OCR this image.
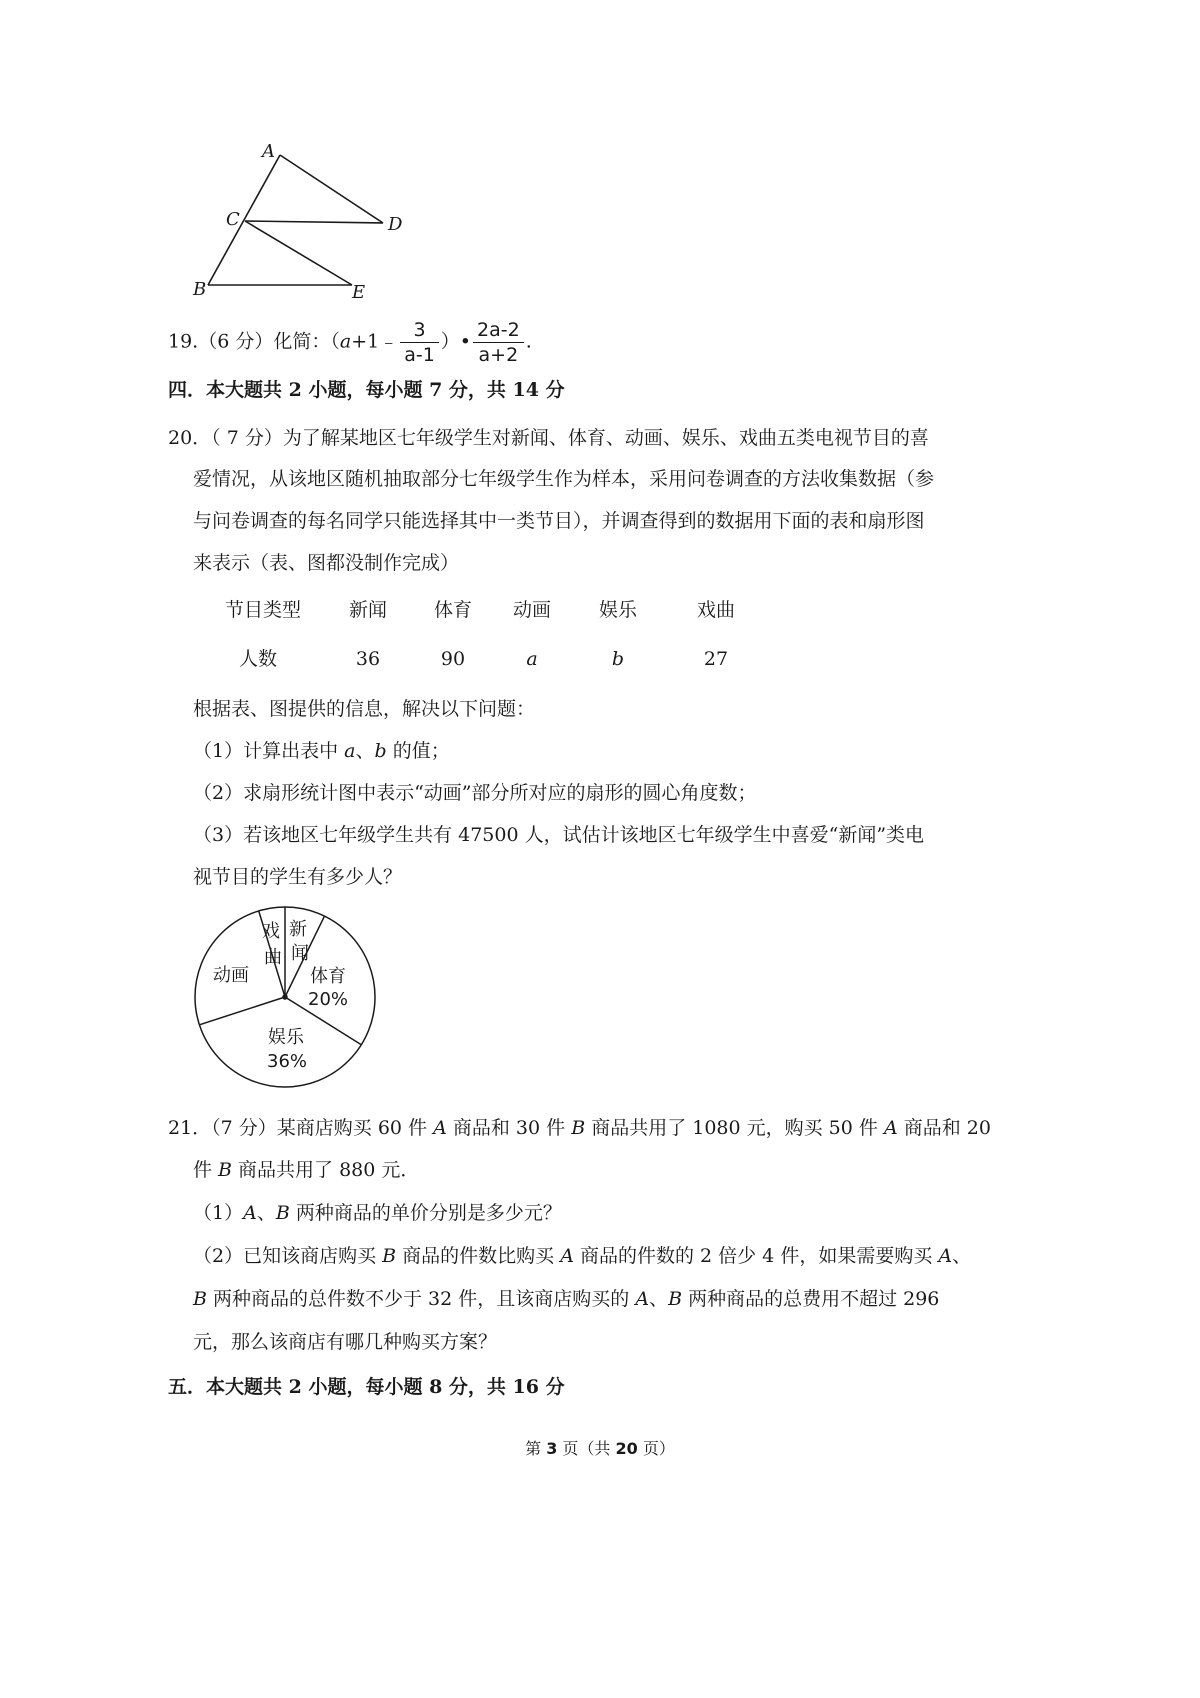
A
C	D
B	E
19.（6 分）化简：（a+1﹣ $\frac{3}{a-1}$ ）• $\frac{2a-2}{a+2}$ .
四．本大题共 2 小题，每小题 7 分，共 14 分
20．（ 7 分）为了解某地区七年级学生对新闻、体育、动画、娱乐、戏曲五类电视节目的喜
爱情况，从该地区随机抽取部分七年级学生作为样本，采用问卷调查的方法收集数据（参
与问卷调查的每名同学只能选择其中一类节目），并调查得到的数据用下面的表和扇形图
来表示（表、图都没制作完成）
节目类型	新闻	体育	动画	娱乐	戏曲
人数	36	90	a	b	27
根据表、图提供的信息，解决以下问题：
（1）计算出表中 a、b 的值；
（2）求扇形统计图中表示“动画”部分所对应的扇形的圆心角度数；
（3）若该地区七年级学生共有 47500 人，试估计该地区七年级学生中喜爱“新闻”类电
视节目的学生有多少人？
戏
曲
新
闻
体育
20%
动画
娱乐
36%
21．（7 分）某商店购买 60 件 A 商品和 30 件 B 商品共用了 1080 元，购买 50 件 A 商品和 20
件 B 商品共用了 880 元．
（1）A、B 两种商品的单价分别是多少元？
（2）已知该商店购买 B 商品的件数比购买 A 商品的件数的 2 倍少 4 件，如果需要购买 A、
B 两种商品的总件数不少于 32 件，且该商店购买的 A、B 两种商品的总费用不超过 296
元，那么该商店有哪几种购买方案？
五．本大题共 2 小题，每小题 8 分，共 16 分
第 3 页（共 20 页）
